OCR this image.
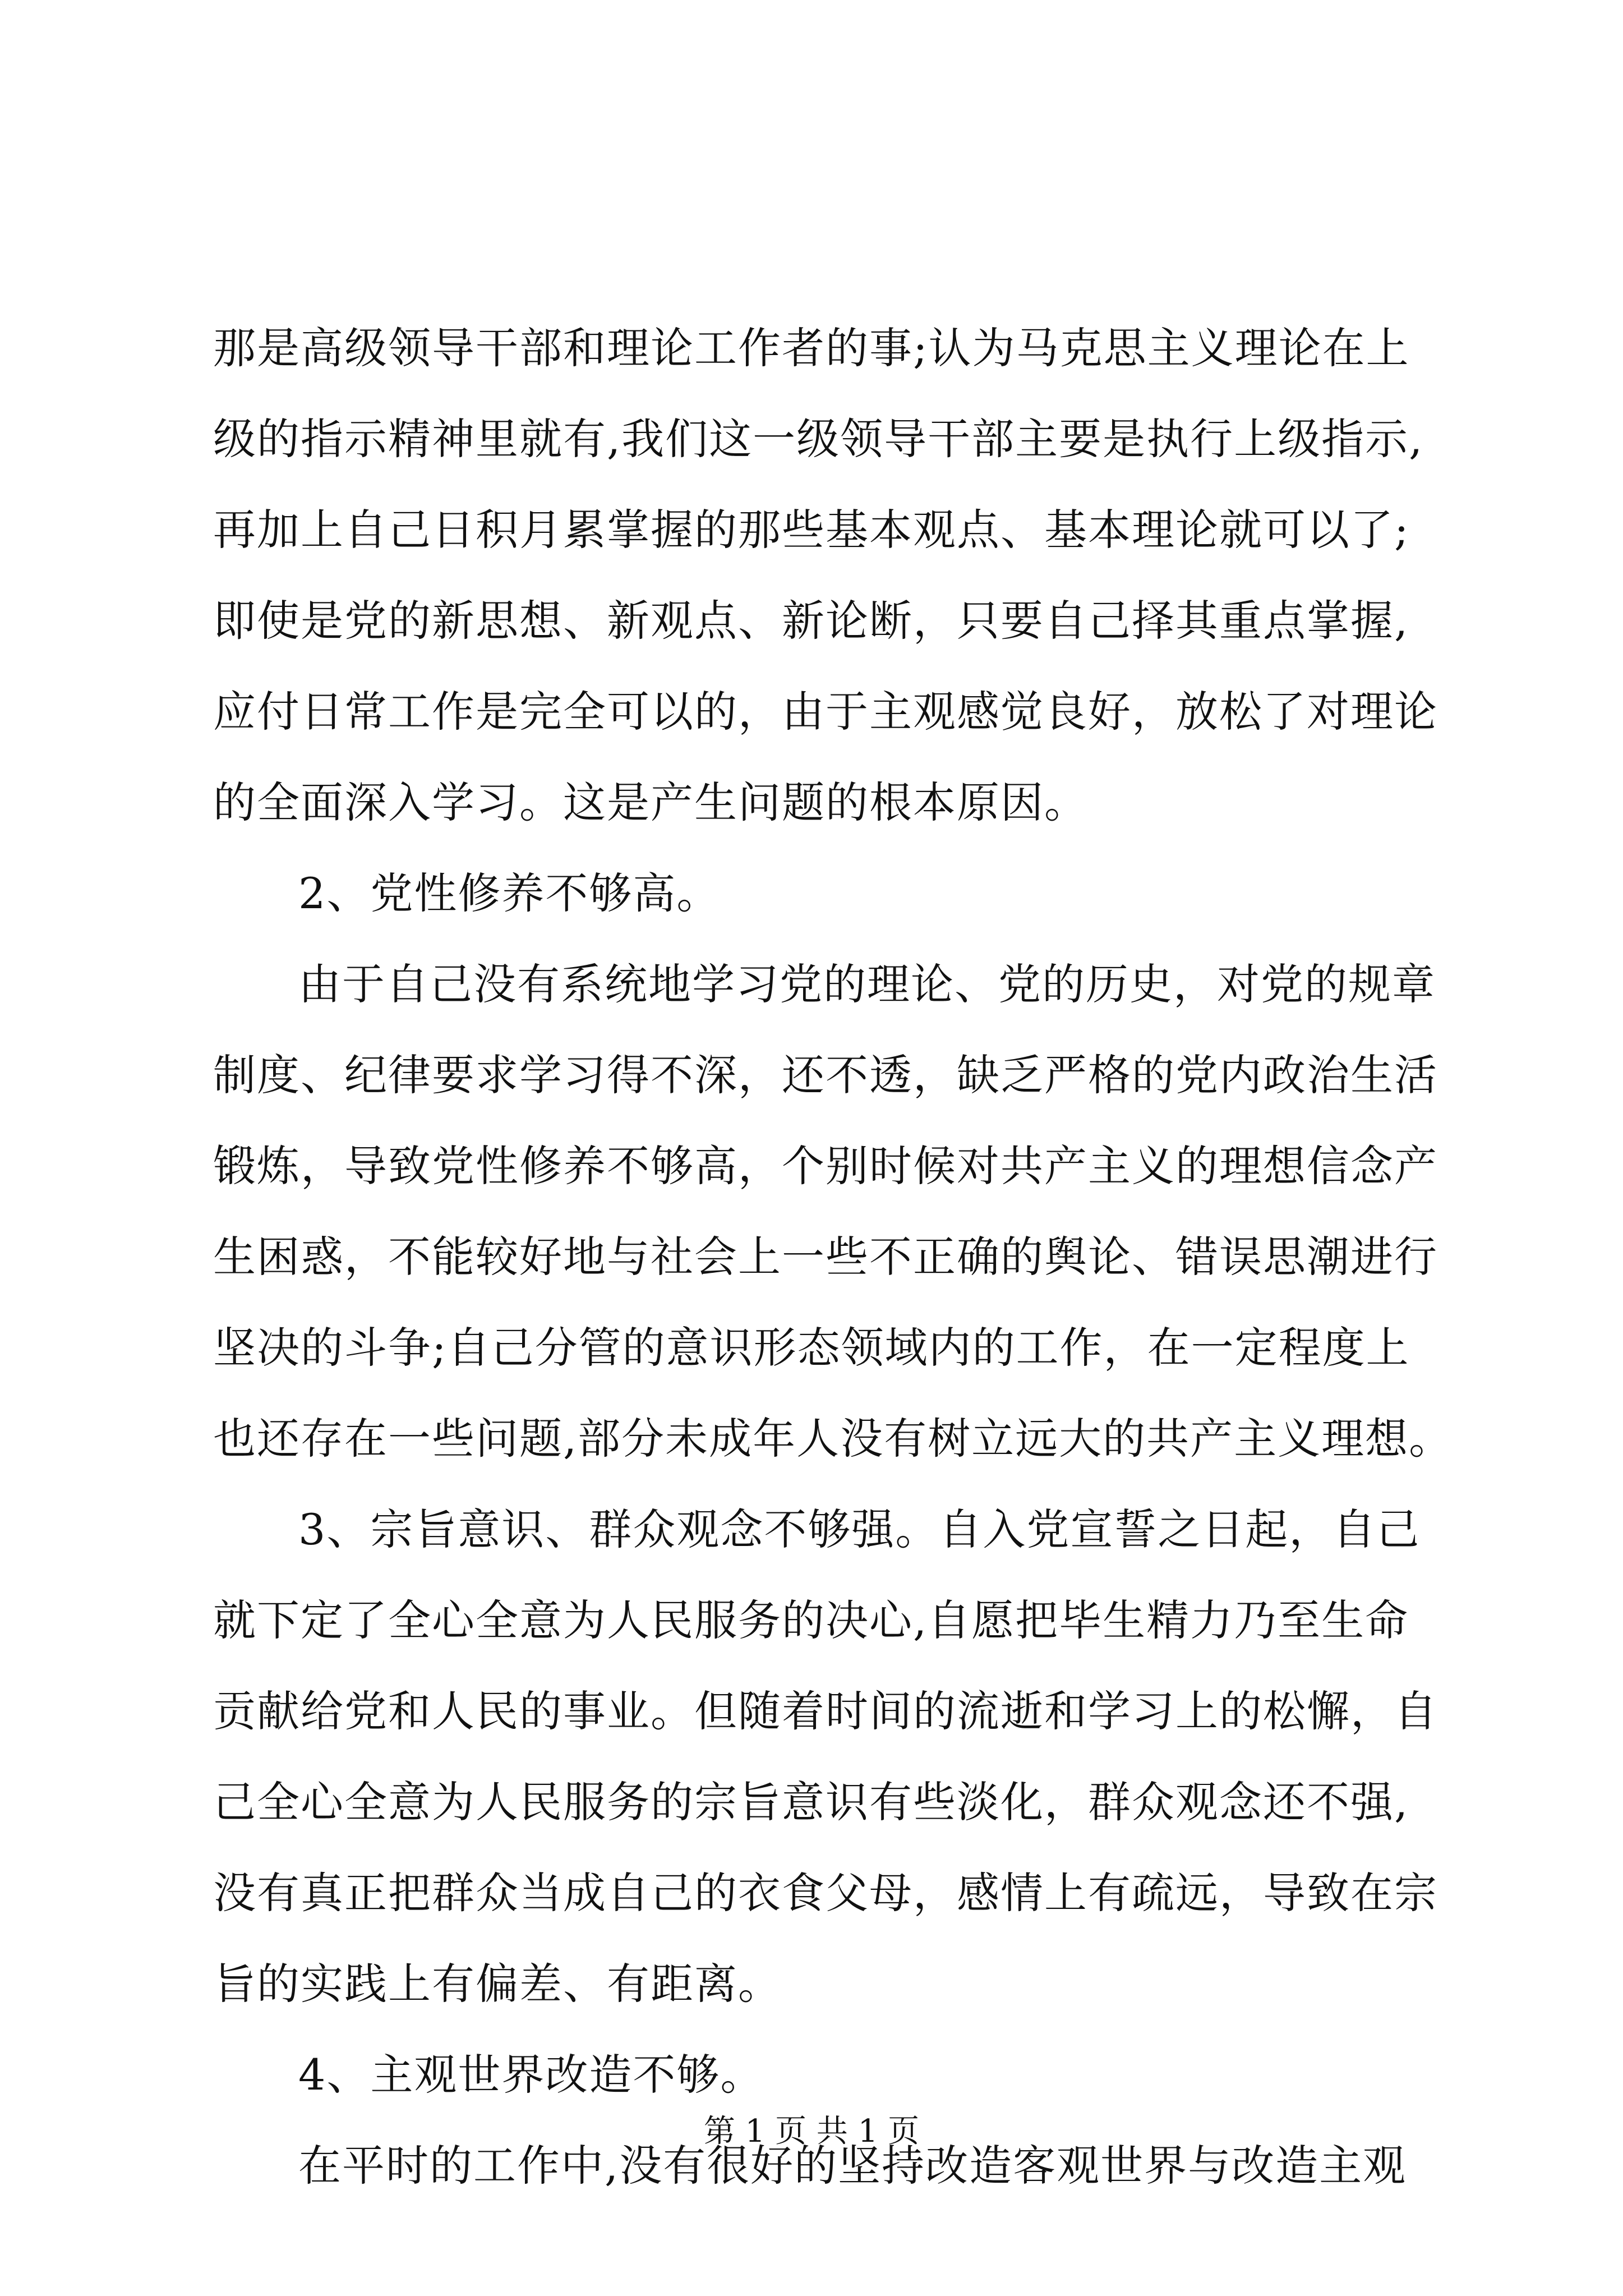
那是高级领导干部和理论工作者的事;认为马克思主义理论在上
级的指示精神里就有,我们这一级领导干部主要是执行上级指示,
再加上自己日积月累掌握的那些基本观点、基本理论就可以了;
即使是党的新思想、新观点、新论断，只要自己择其重点掌握,
应付日常工作是完全可以的，由于主观感觉良好，放松了对理论
的全面深入学习。这是产生问题的根本原因。
2、党性修养不够高。
由于自己没有系统地学习党的理论、党的历史，对党的规章
制度、纪律要求学习得不深，还不透，缺乏严格的党内政治生活
锻炼，导致党性修养不够高，个别时候对共产主义的理想信念产
生困惑，不能较好地与社会上一些不正确的舆论、错误思潮进行
坚决的斗争;自己分管的意识形态领域内的工作，在一定程度上
也还存在一些问题,部分未成年人没有树立远大的共产主义理想。
3、宗旨意识、群众观念不够强。自入党宣誓之日起，自己
就下定了全心全意为人民服务的决心,自愿把毕生精力乃至生命
贡献给党和人民的事业。但随着时间的流逝和学习上的松懈，自
己全心全意为人民服务的宗旨意识有些淡化，群众观念还不强,
没有真正把群众当成自己的衣食父母，感情上有疏远，导致在宗
旨的实践上有偏差、有距离。
4、主观世界改造不够。
在平时的工作中,没有很好的坚持改造客观世界与改造主观
第 1 页 共 1 页
